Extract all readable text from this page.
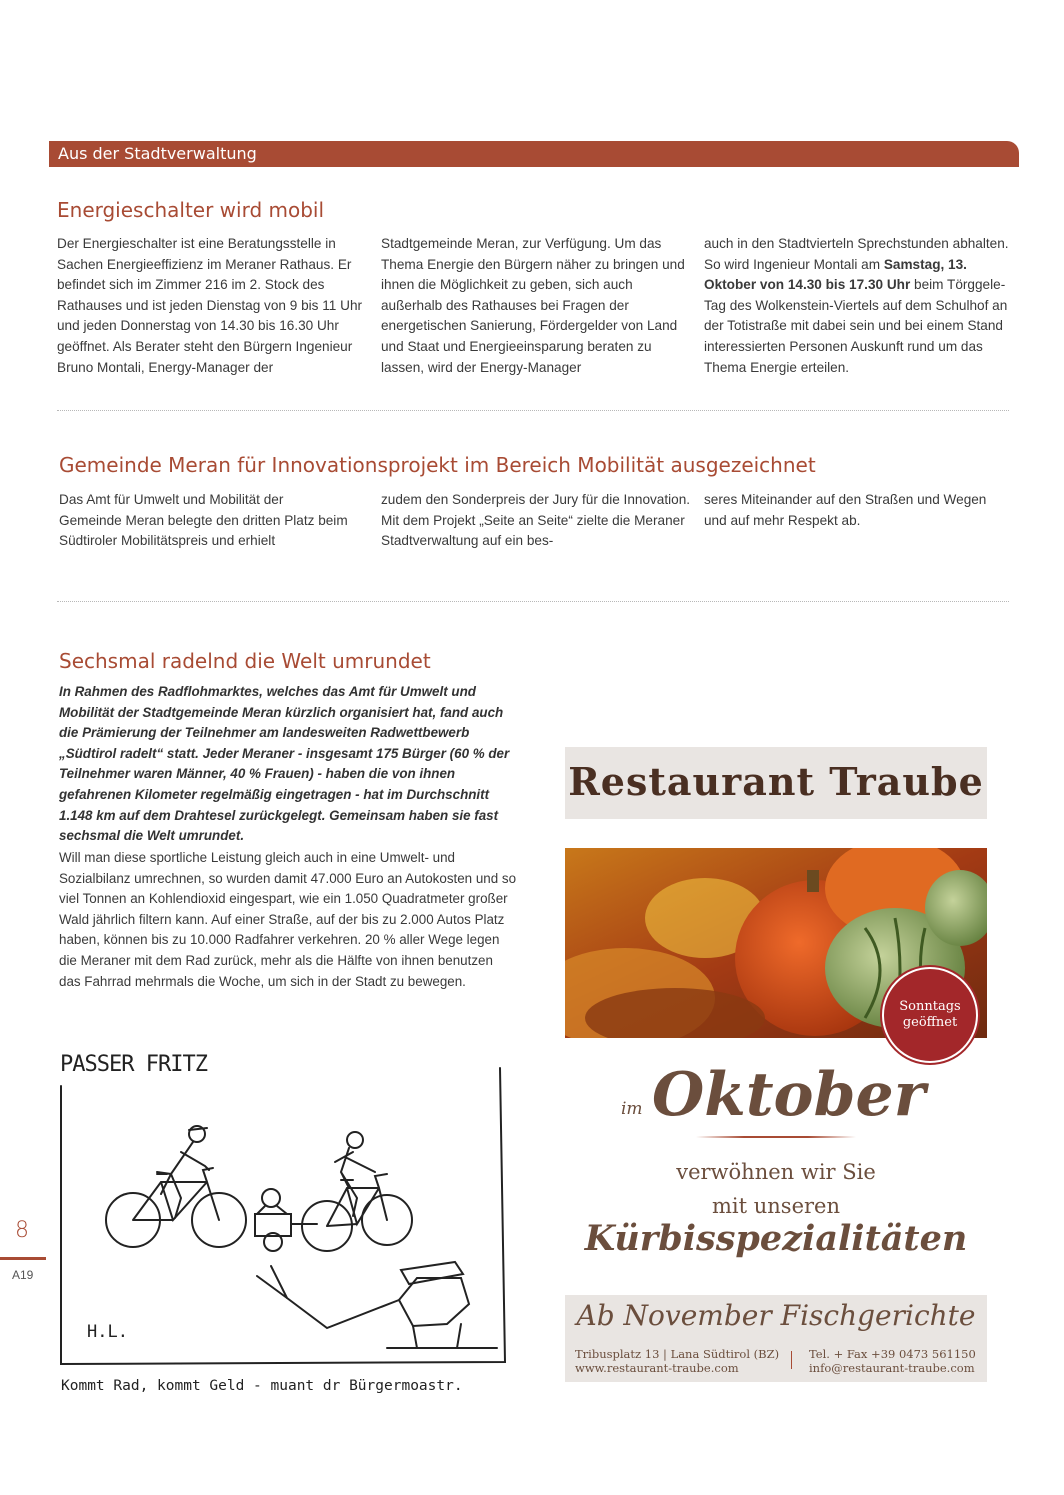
Aus der Stadtverwaltung
Energieschalter wird mobil

Der Energieschalter ist eine Beratungsstelle in Sachen Energieeffizienz im Meraner Rathaus. Er befindet sich im Zimmer 216 im 2. Stock des Rathauses und ist jeden Dienstag von 9 bis 11 Uhr und jeden Donnerstag von 14.30 bis 16.30 Uhr geöffnet. Als Berater steht den Bürgern Ingenieur Bruno Montali, Energy-Manager der

Stadtgemeinde Meran, zur Verfügung. Um das Thema Energie den Bürgern näher zu bringen und ihnen die Möglichkeit zu geben, sich auch außerhalb des Rathauses bei Fragen der energetischen Sanierung, Fördergelder von Land und Staat und Energieeinsparung beraten zu lassen, wird der Energy-Manager

auch in den Stadtvierteln Sprechstunden abhalten. So wird Ingenieur Montali am Samstag, 13. Oktober von 14.30 bis 17.30 Uhr beim Törggele-Tag des Wolkenstein-Viertels auf dem Schulhof an der Totistraße mit dabei sein und bei einem Stand interessierten Personen Auskunft rund um das Thema Energie erteilen.

Gemeinde Meran für Innovationsprojekt im Bereich Mobilität ausgezeichnet

Das Amt für Umwelt und Mobilität der Gemeinde Meran belegte den dritten Platz beim Südtiroler Mobilitätspreis und erhielt

zudem den Sonderpreis der Jury für die Innovation. Mit dem Projekt „Seite an Seite“ zielte die Meraner Stadtverwaltung auf ein bes-

seres Miteinander auf den Straßen und Wegen und auf mehr Respekt ab.

Sechsmal radelnd die Welt umrundet

In Rahmen des Radflohmarktes, welches das Amt für Umwelt und Mobilität der Stadtgemeinde Meran kürzlich organisiert hat, fand auch die Prämierung der Teilnehmer am landesweiten Radwettbewerb „Südtirol radelt“ statt. Jeder Meraner - insgesamt 175 Bürger (60 % der Teilnehmer waren Männer, 40 % Frauen) - haben die von ihnen gefahrenen Kilometer regelmäßig eingetragen - hat im Durchschnitt 1.148 km auf dem Drahtesel zurückgelegt. Gemeinsam haben sie fast sechsmal die Welt umrundet.

Will man diese sportliche Leistung gleich auch in eine Umwelt- und Sozialbilanz umrechnen, so wurden damit 47.000 Euro an Autokosten und so viel Tonnen an Kohlendioxid eingespart, wie ein 1.050 Quadratmeter großer Wald jährlich filtern kann. Auf einer Straße, auf der bis zu 2.000 Autos Platz haben, können bis zu 10.000 Radfahrer verkehren. 20 % aller Wege legen die Meraner mit dem Rad zurück, mehr als die Hälfte von ihnen benutzen das Fahrrad mehrmals die Woche, um sich in der Stadt zu bewegen.

PASSER FRITZ
H.L.
Kommt Rad, kommt Geld - muant dr Bürgermoastr.
8
A19
Restaurant Traube
Sonntags
geöffnet
im Oktober
verwöhnen wir Sie
mit unseren
Kürbisspezialitäten
Ab November Fischgerichte
Tribusplatz 13 | Lana Südtirol (BZ)
www.restaurant-traube.com
Tel. + Fax +39 0473 561150
info@restaurant-traube.com
